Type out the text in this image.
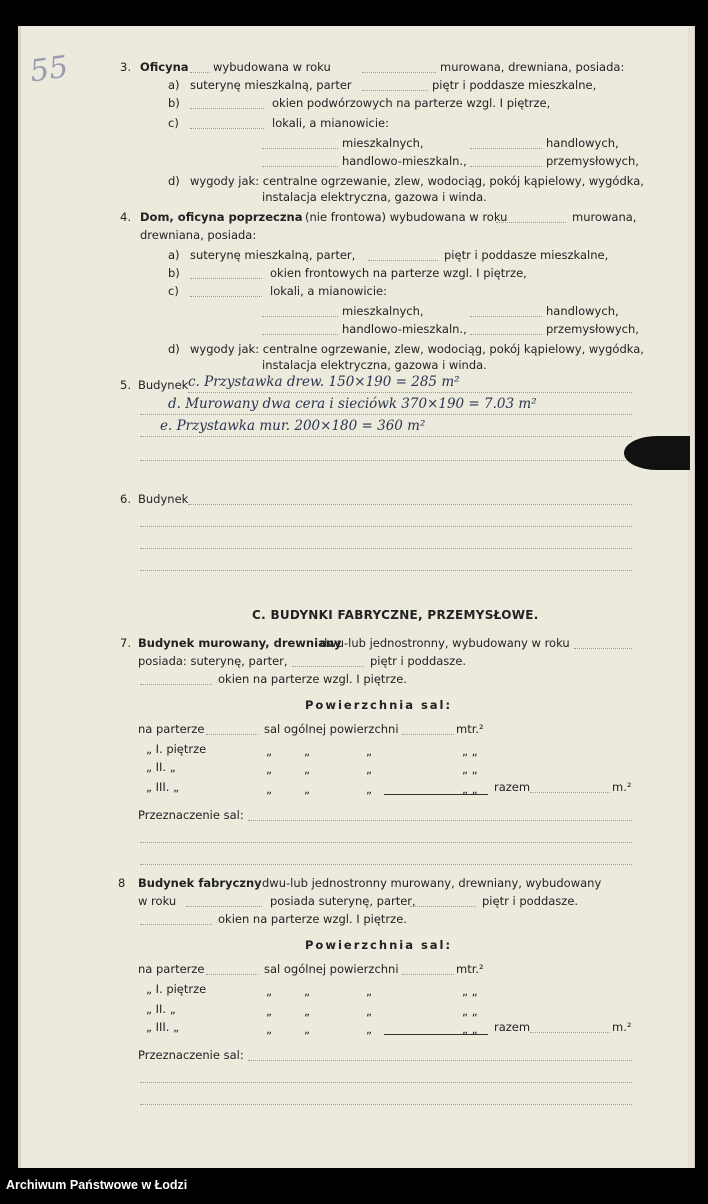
55	3. Oficyna wybudowana w roku	murowana, drewniana, posiada:
a) suterynę mieszkalną, parter	piętr i poddasze mieszkalne,
b)	okien podwórzowych na parterze wzgl. I piętrze,
c)	lokali, a mianowicie:
mieszkalnych,	handlowych,
handlowo-mieszkaln.,	przemysłowych,
d) wygody jak: centralne ogrzewanie, zlew, wodociąg, pokój kąpielowy, wygódka,
instalacja elektryczna, gazowa i winda.
4. Dom, oficyna poprzeczna (nie frontowa) wybudowana w roku	murowana,
drewniana, posiada:
a) suterynę mieszkalną, parter,	piętr i poddasze mieszkalne,
b)	okien frontowych na parterze wzgl. I piętrze,
c)	lokali, a mianowicie:
mieszkalnych,	handlowych,
handlowo-mieszkaln.,	przemysłowych,
d) wygody jak: centralne ogrzewanie, zlew, wodociąg, pokój kąpielowy, wygódka,
instalacja elektryczna, gazowa i winda.
5. Budynek c. Przystawka drew. 150×190 = 285 m²
d. Murowany dwa cera i sieciówk 370×190 = 7.03 m²
e. Przystawka mur. 200×180 = 360 m²
6. Budynek
C. BUDYNKI FABRYCZNE, PRZEMYSŁOWE.
7. Budynek murowany, drewniany
dwu-lub jednostronny, wybudowany w roku
posiada: suterynę, parter,	piętr i poddasze.
okien na parterze wzgl. I piętrze.
Powierzchnia sal:
na parterze	sal ogólnej powierzchni	mtr.²
„ I. piętrze	„	„	„	„ „
„ II. „	„	„	„	„ „
„ III. „	„	„	„	„ „ razem	m.²
Przeznaczenie sal:
8 Budynek fabryczny dwu-lub jednostronny murowany, drewniany, wybudowany
w roku	posiada suterynę, parter,	piętr i poddasze.
okien na parterze wzgl. I piętrze.
Powierzchnia sal:
na parterze	sal ogólnej powierzchni	mtr.²
„ I. piętrze	„	„	„	„ „
„ II. „	„	„	„	„ „
„ III. „	„	„	„	„ „ razem	m.²
Przeznaczenie sal:
Archiwum Państwowe w Łodzi
